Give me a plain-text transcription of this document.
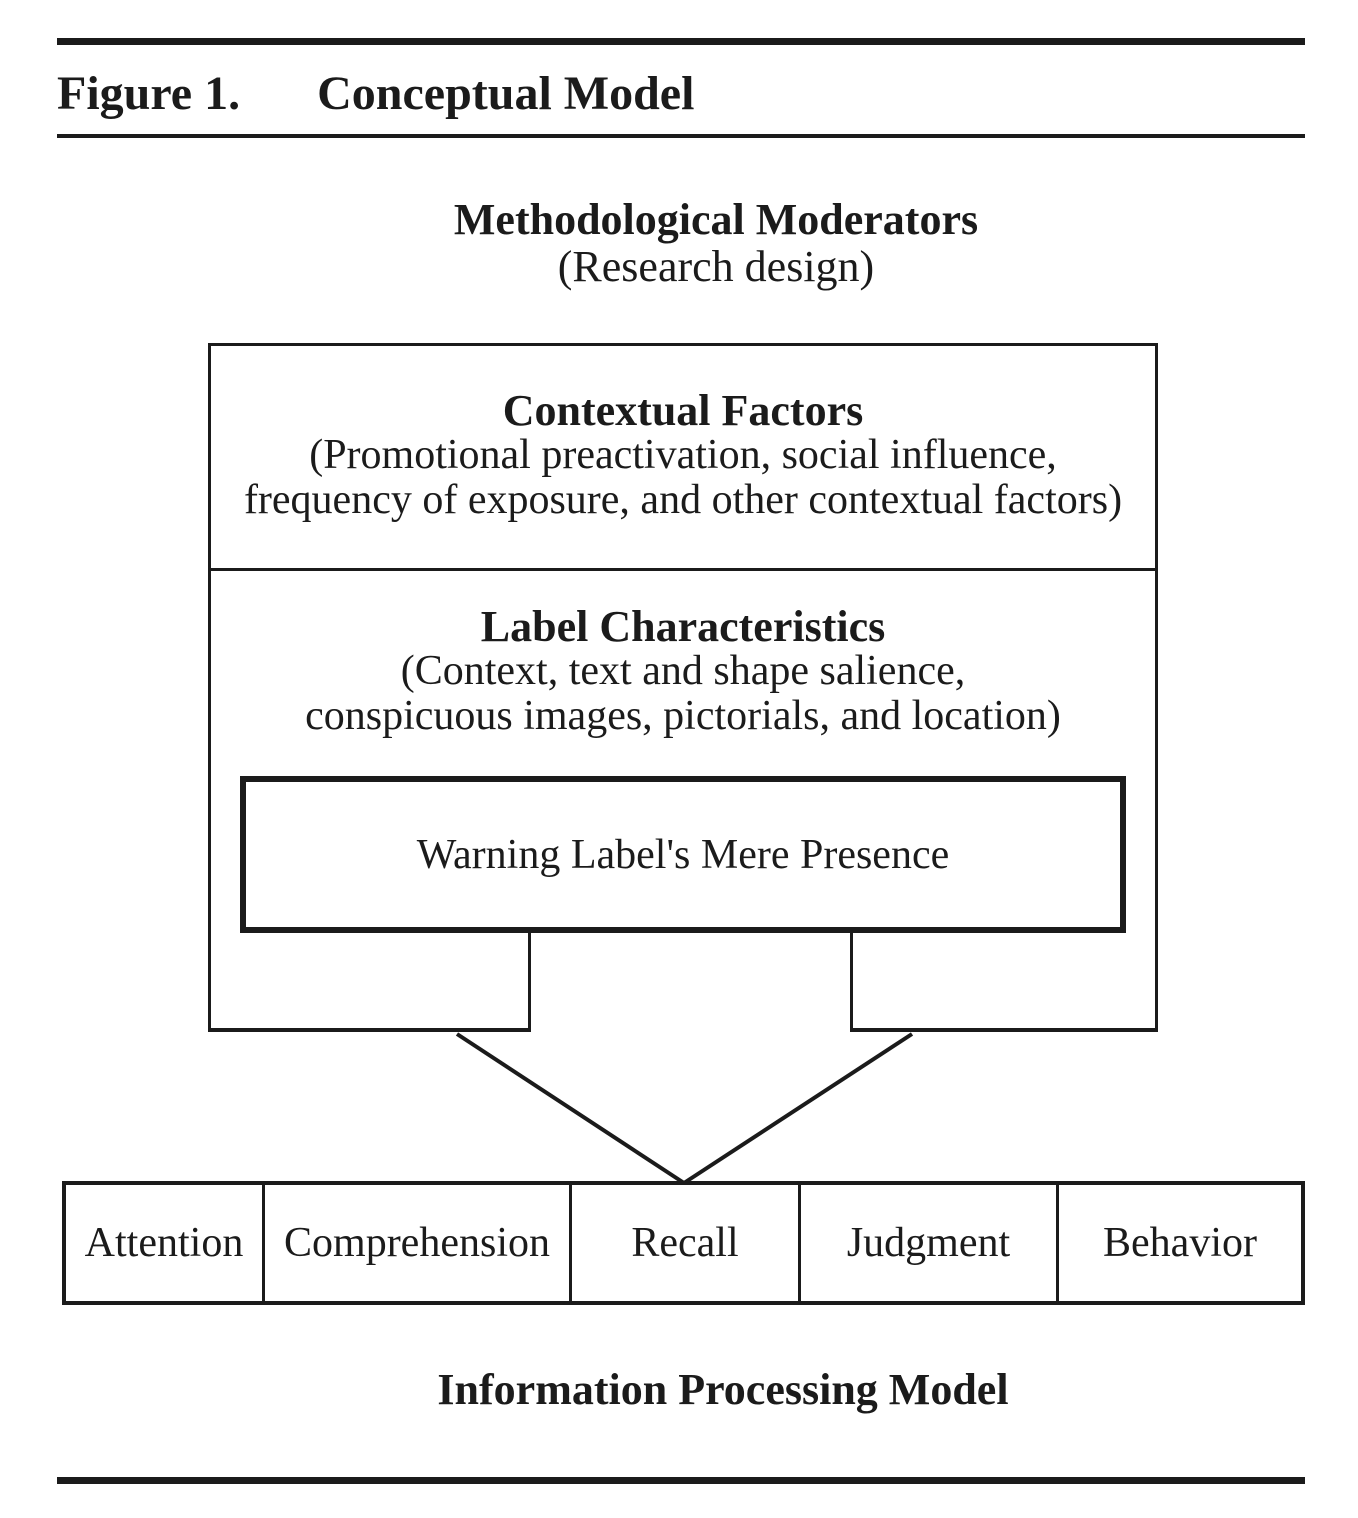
Figure 1. Conceptual Model
Methodological Moderators
(Research design)
Contextual Factors
(Promotional preactivation, social influence,
frequency of exposure, and other contextual factors)
Label Characteristics
(Context, text and shape salience,
conspicuous images, pictorials, and location)
Warning Label's Mere Presence
Attention Comprehension Recall	Judgment Behavior
Information Processing Model
